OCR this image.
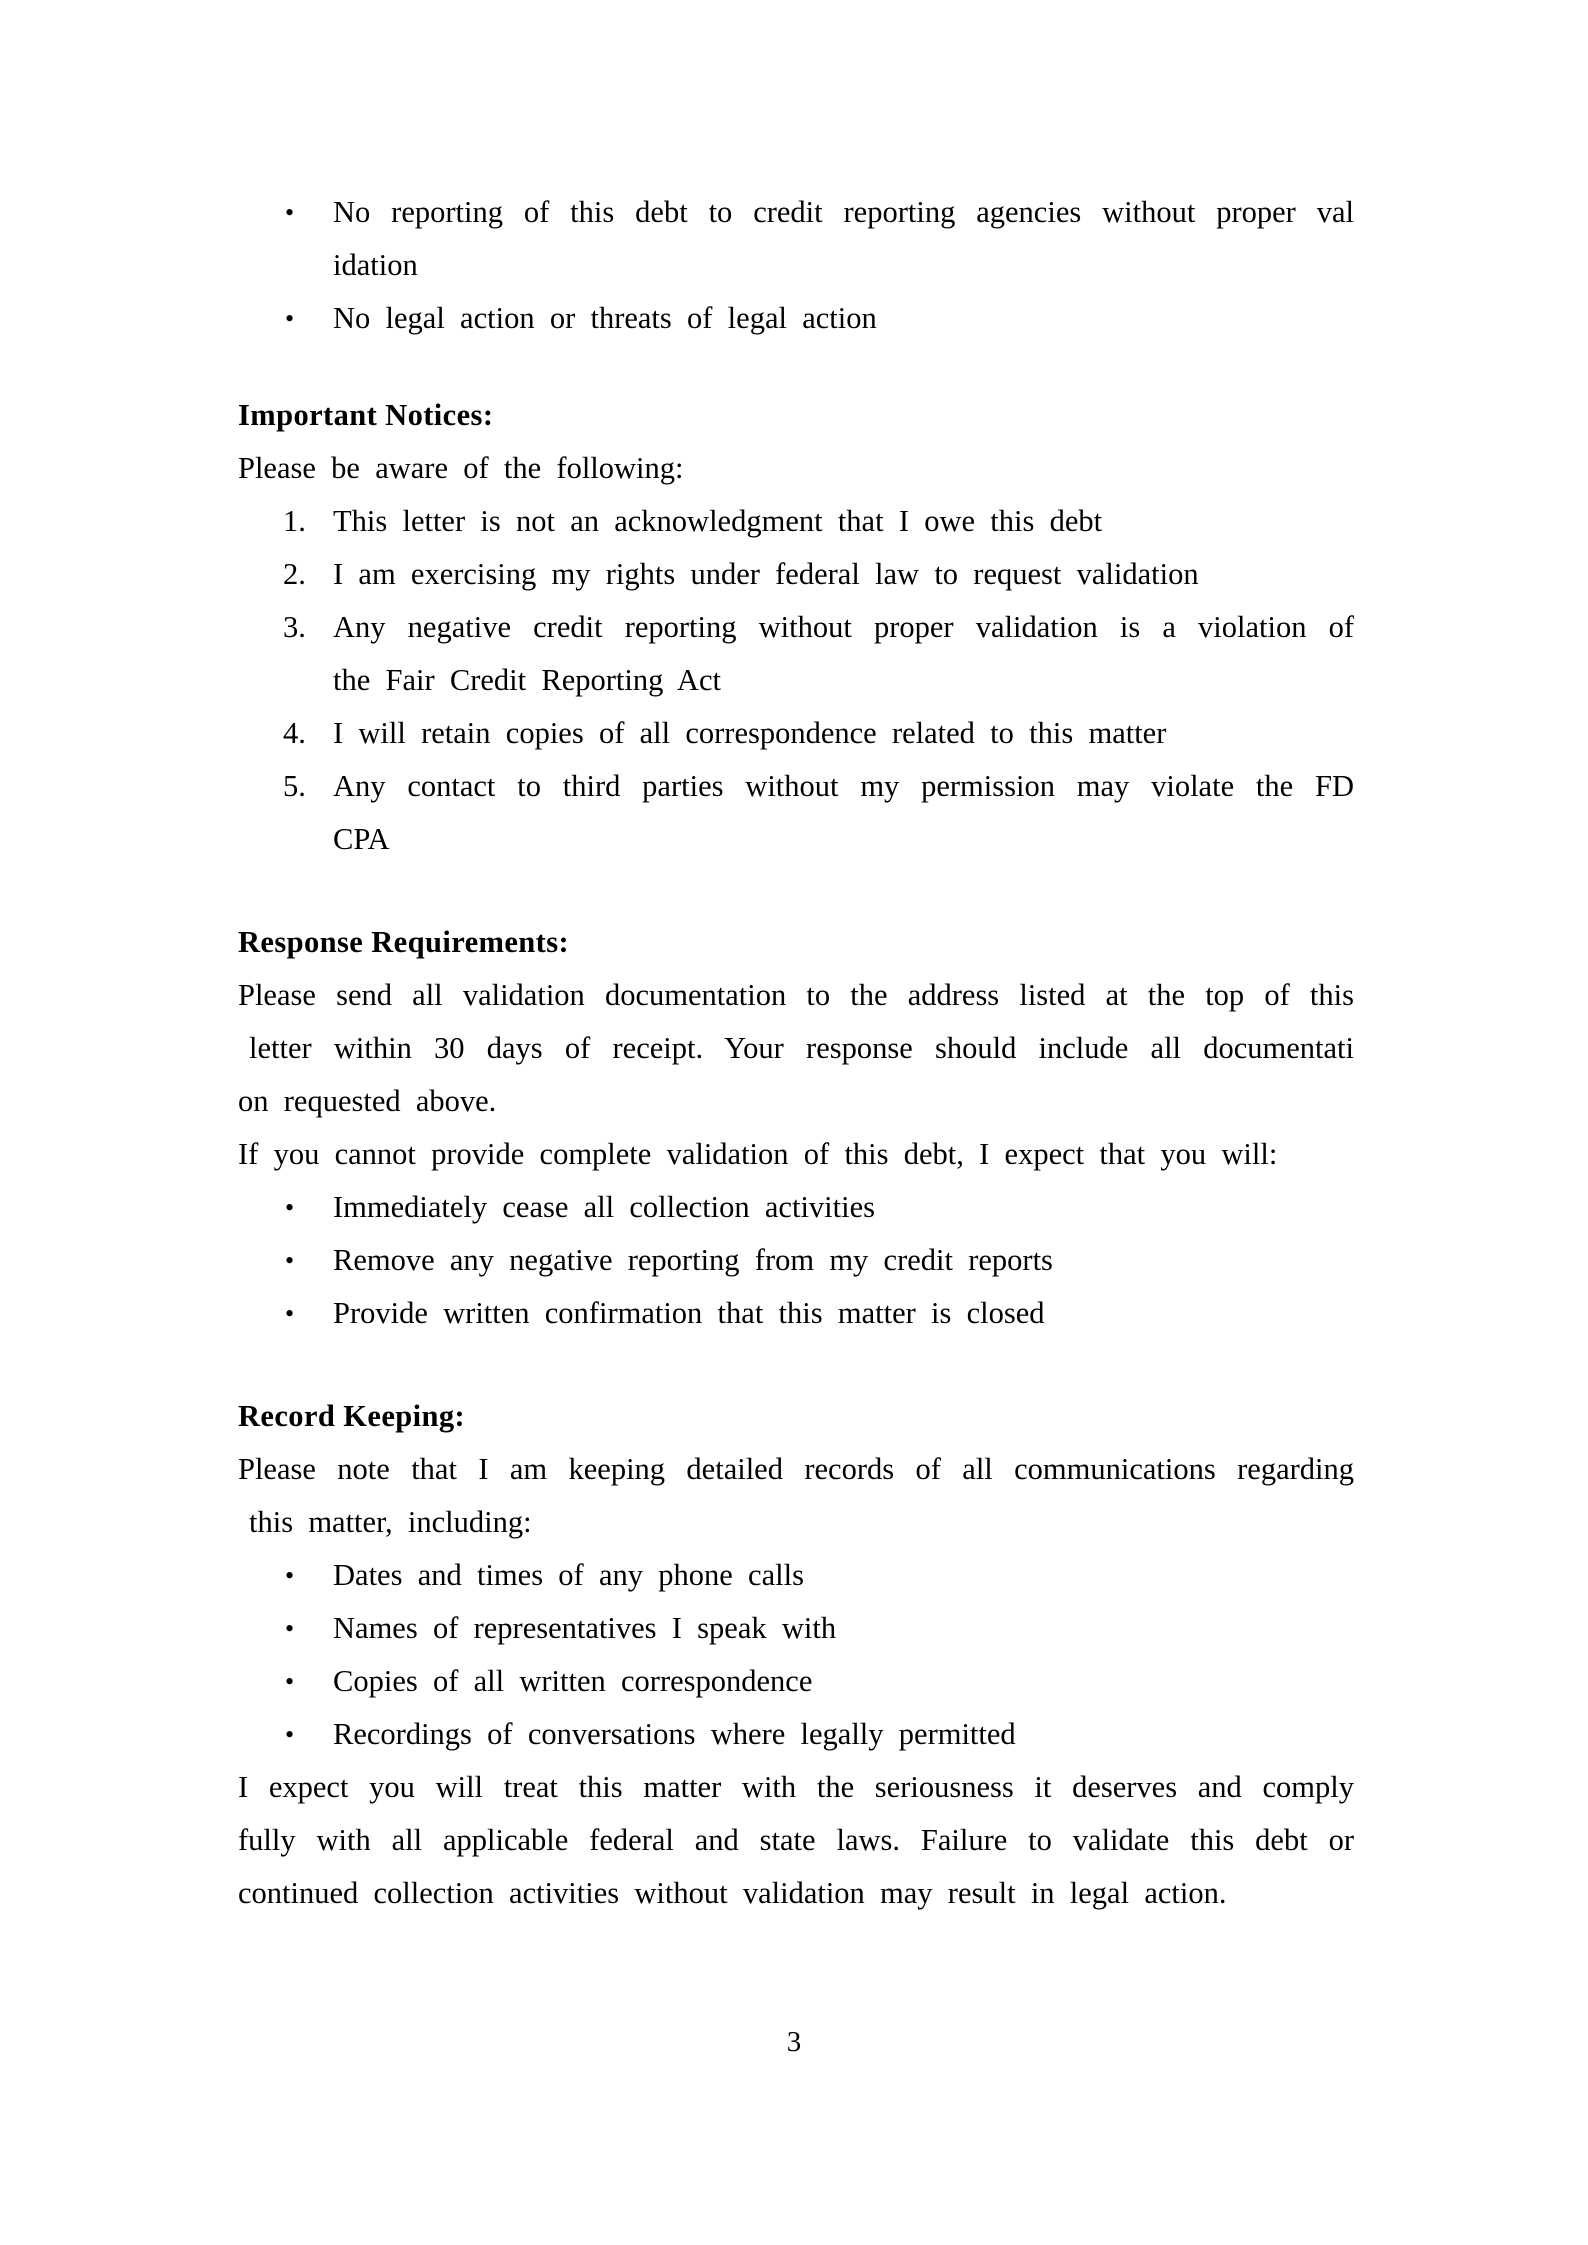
•	No  reporting  of  this  debt  to  credit  reporting  agencies  without  proper  val
idation
•	No  legal  action  or  threats  of  legal  action
Important Notices:
Please  be  aware  of  the  following:
1. This  letter  is  not  an  acknowledgment  that  I  owe  this  debt
2. I  am  exercising  my  rights  under  federal  law  to  request  validation
3. Any  negative  credit  reporting  without  proper  validation  is  a  violation  of
the  Fair  Credit  Reporting  Act
4. I  will  retain  copies  of  all  correspondence  related  to  this  matter
5. Any  contact  to  third  parties  without  my  permission  may  violate  the  FD
CPA
Response Requirements:
Please  send  all  validation  documentation  to  the  address  listed  at  the  top  of  this
letter  within  30  days  of  receipt.  Your  response  should  include  all  documentati
on  requested  above.
If  you  cannot  provide  complete  validation  of  this  debt,  I  expect  that  you  will:
•	Immediately  cease  all  collection  activities
•	Remove  any  negative  reporting  from  my  credit  reports
•	Provide  written  confirmation  that  this  matter  is  closed
Record Keeping:
Please  note  that  I  am  keeping  detailed  records  of  all  communications  regarding
this  matter,  including:
•	Dates  and  times  of  any  phone  calls
•	Names  of  representatives  I  speak  with
•	Copies  of  all  written  correspondence
•	Recordings  of  conversations  where  legally  permitted
I  expect  you  will  treat  this  matter  with  the  seriousness  it  deserves  and  comply
fully  with  all  applicable  federal  and  state  laws.  Failure  to  validate  this  debt  or
continued  collection  activities  without  validation  may  result  in  legal  action.
3
